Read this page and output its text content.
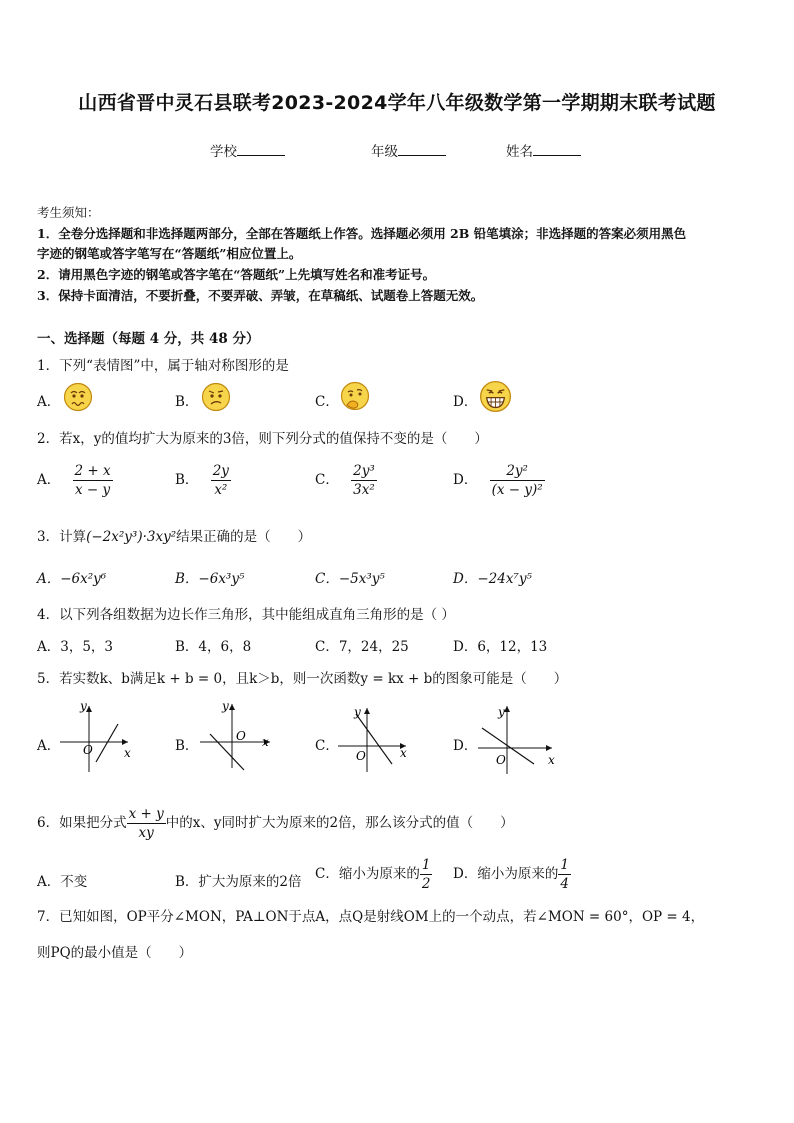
山西省晋中灵石县联考2023-2024学年八年级数学第一学期期末联考试题
学校	年级	姓名
考生须知：
1．全卷分选择题和非选择题两部分，全部在答题纸上作答。选择题必须用 2B 铅笔填涂；非选择题的答案必须用黑色
字迹的钢笔或答字笔写在“答题纸”相应位置上。
2．请用黑色字迹的钢笔或答字笔在“答题纸”上先填写姓名和准考证号。
3．保持卡面清洁，不要折叠，不要弄破、弄皱，在草稿纸、试题卷上答题无效。
一、选择题（每题 4 分，共 48 分）
1．下列“表情图”中，属于轴对称图形的是
A．	B．	C．	D．
2．若x，y的值均扩大为原来的3倍，则下列分式的值保持不变的是（　　）
A． $\frac{2 + x}{x - y}$	B． $\frac{2y}{\text{x²}}$	C． $\frac{\text{2y³}}{\text{3x²}}$	D． $\frac{\text{2y²}}{\text{(x − y)²}}$
3．计算(−2x²y³)·3xy²结果正确的是（　　）
A．−6x²y⁶	B．−6x³y⁵	C．−5x³y⁵	D．−24x⁷y⁵
4．以下列各组数据为边长作三角形，其中能组成直角三角形的是（ ）
A．3，5，3	B．4，6，8	C．7，24，25	D．6，12，13
5．若实数k、b满足k + b = 0，且k＞b，则一次函数y = kx + b的图象可能是（　　）
A．
y
x
O	B．
y
x
O
C．
y
x
O
D．
y
x
O
6．如果把分式 $\frac{x + y}{xy}$ 中的x、y同时扩大为原来的2倍，那么该分式的值（　　）
A．不变	B．扩大为原来的2倍 C．缩小为原来的 $\frac{1}{2}$ D．缩小为原来的 $\frac{1}{4}$
7．已知如图，OP平分∠MON，PA⊥ON于点A，点Q是射线OM上的一个动点，若∠MON = 60°，OP = 4，
则PQ的最小值是（　　）
